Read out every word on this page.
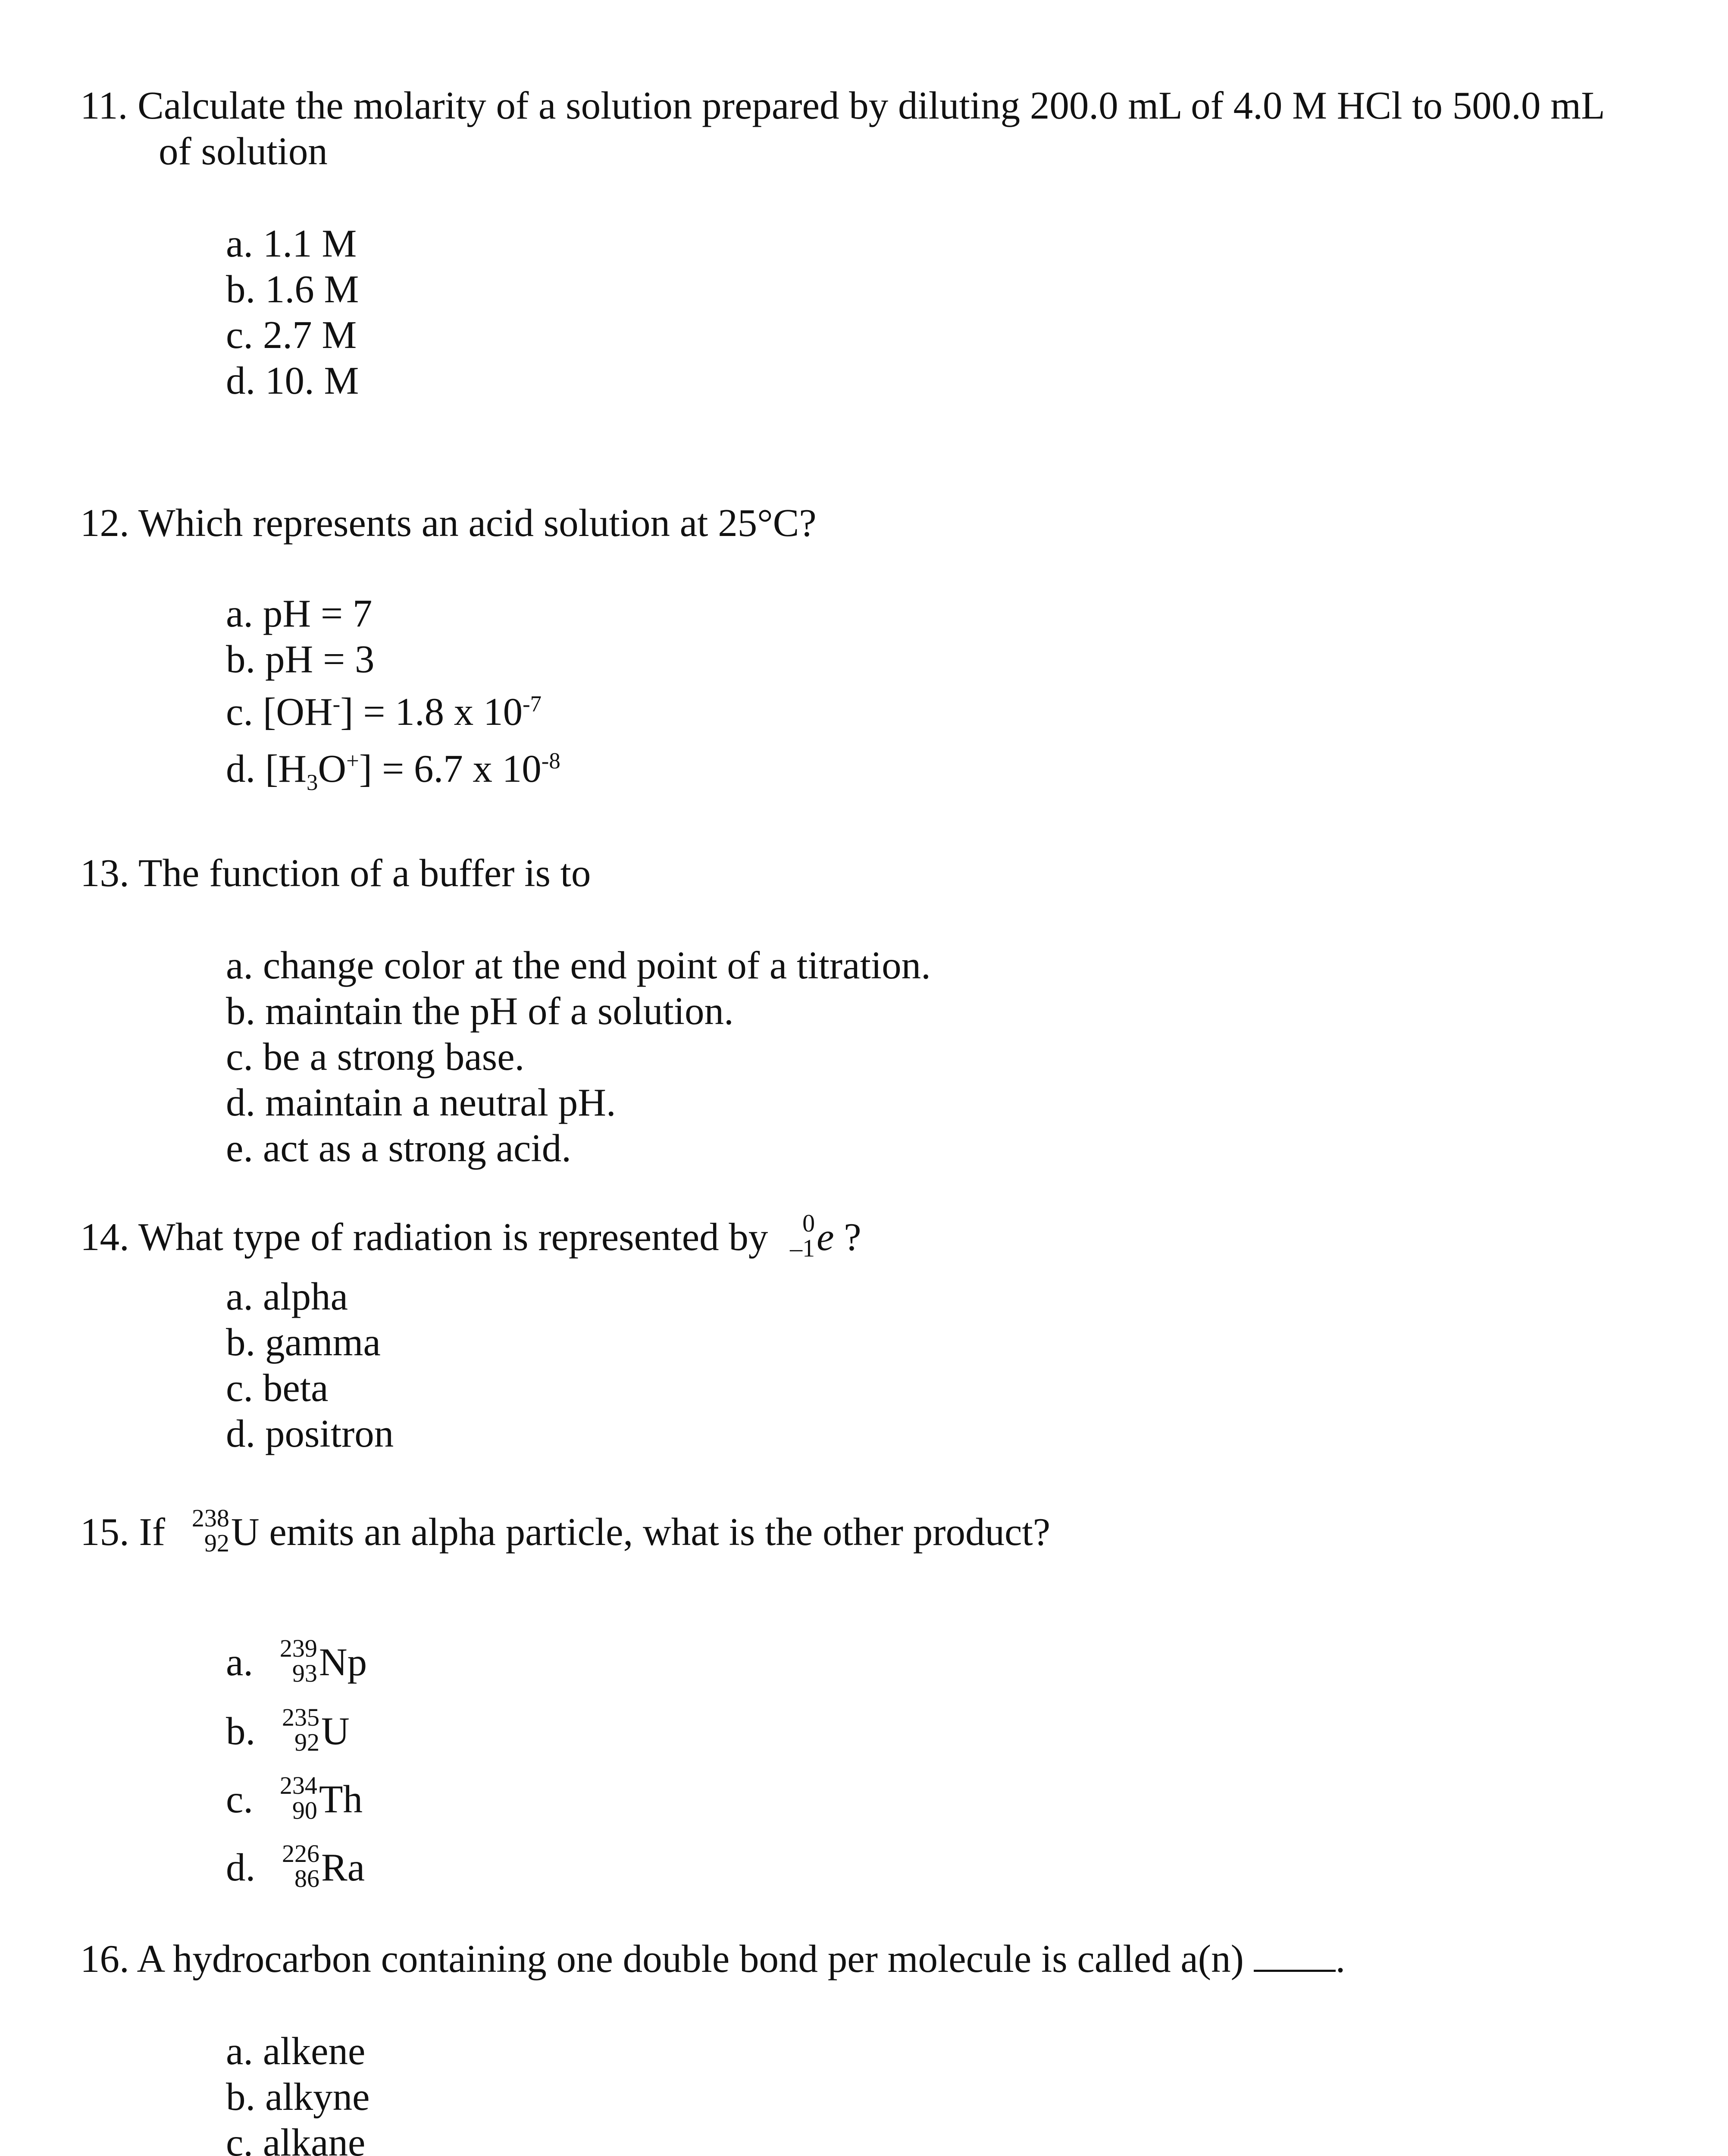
11. Calculate the molarity of a solution prepared by diluting 200.0 mL of 4.0 M HCl to 500.0 mL
of solution
a. 1.1 M
b. 1.6 M
c. 2.7 M
d. 10. M
12. Which represents an acid solution at 25°C?
a. pH = 7
b. pH = 3
c. [OH-] = 1.8 x $10^{-7}$
d. $[H_3O^+] = 6.7$ x $10^{-8}$
13. The function of a buffer is to
a. change color at the end point of a titration.
b. maintain the pH of a solution.
c. be a strong base.
d. maintain a neutral pH.
e. act as a strong acid.
14. What type of radiation is represented by 0
–1 e ?
a. alpha
b. gamma
c. beta
d. positron
15. If 238
92 U emits an alpha particle, what is the other product?
a. 239
93 Np
b. 235
92 U
c. 234
90 Th
d. 226
86 Ra
16. A hydrocarbon containing one double bond per molecule is called a(n) .
a. alkene
b. alkyne
c. alkane
